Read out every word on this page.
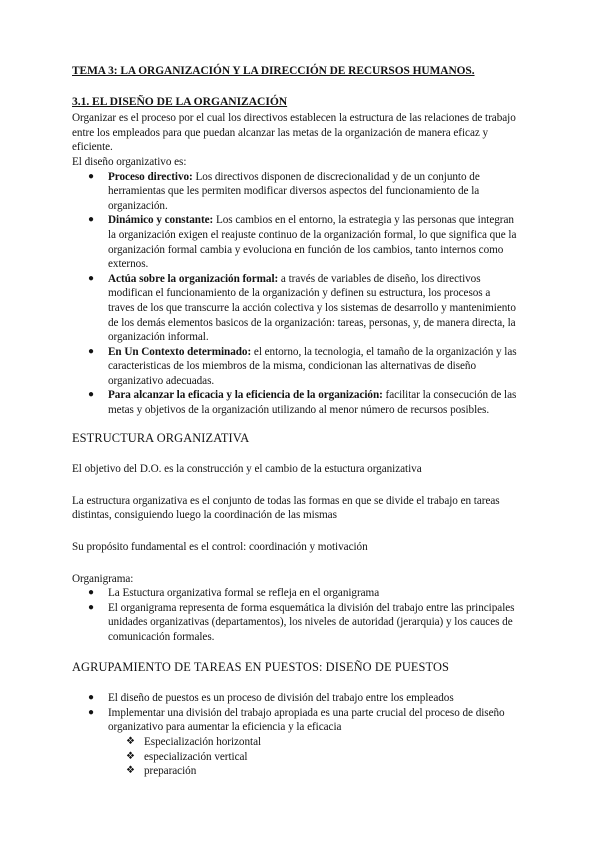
TEMA 3: LA ORGANIZACIÓN Y LA DIRECCIÓN DE RECURSOS HUMANOS.
3.1. EL DISEÑO DE LA ORGANIZACIÓN

Organizar es el proceso por el cual los directivos establecen la estructura de las relaciones de trabajo entre los empleados para que puedan alcanzar las metas de la organización de manera eficaz y eficiente.

El diseño organizativo es:

● Proceso directivo: Los directivos disponen de discrecionalidad y de un conjunto de herramientas que les permiten modificar diversos aspectos del funcionamiento de la organización.
● Dinámico y constante: Los cambios en el entorno, la estrategia y las personas que integran la organización exigen el reajuste continuo de la organización formal, lo que significa que la organización formal cambia y evoluciona en función de los cambios, tanto internos como externos.
● Actúa sobre la organización formal: a través de variables de diseño, los directivos modifican el funcionamiento de la organización y definen su estructura, los procesos a traves de los que transcurre la acción colectiva y los sistemas de desarrollo y mantenimiento de los demás elementos basicos de la organización: tareas, personas, y, de manera directa, la organización informal.
● En Un Contexto determinado: el entorno, la tecnologia, el tamaño de la organización y las caracteristicas de los miembros de la misma, condicionan las alternativas de diseño organizativo adecuadas.
● Para alcanzar la eficacia y la eficiencia de la organización: facilitar la consecución de las metas y objetivos de la organización utilizando al menor número de recursos posibles.
ESTRUCTURA ORGANIZATIVA

El objetivo del D.O. es la construcción y el cambio de la estuctura organizativa

La estructura organizativa es el conjunto de todas las formas en que se divide el trabajo en tareas distintas, consiguiendo luego la coordinación de las mismas

Su propósito fundamental es el control: coordinación y motivación

Organigrama:

● La Estuctura organizativa formal se refleja en el organigrama
● El organigrama representa de forma esquemática la división del trabajo entre las principales unidades organizativas (departamentos), los niveles de autoridad (jerarquia) y los cauces de comunicación formales.
AGRUPAMIENTO DE TAREAS EN PUESTOS: DISEÑO DE PUESTOS
● El diseño de puestos es un proceso de división del trabajo entre los empleados
● Implementar una división del trabajo apropiada es una parte crucial del proceso de diseño organizativo para aumentar la eficiencia y la eficacia
❖ Especialización horizontal
❖ especialización vertical
❖ preparación
